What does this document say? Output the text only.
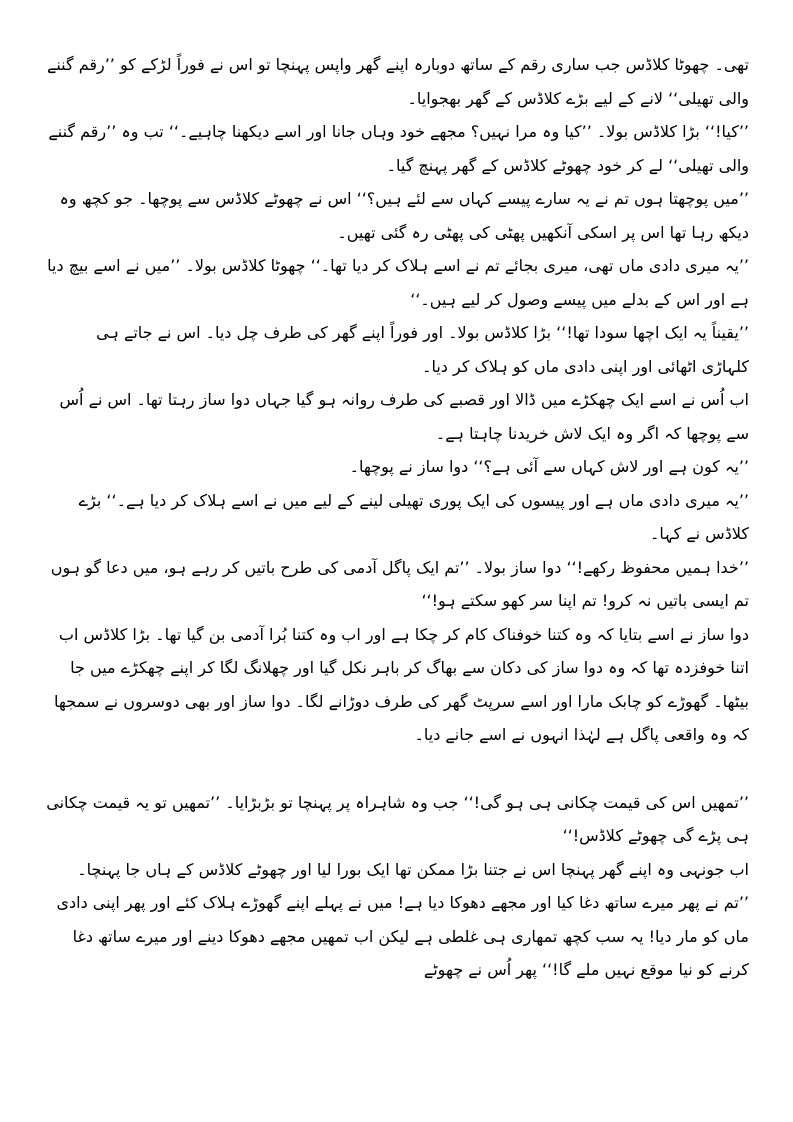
تھی۔ چھوٹا کلاڈس جب ساری رقم کے ساتھ دوبارہ اپنے گھر واپس پہنچا تو اس نے فوراً لڑکے کو ’’رقم گننے والی تھیلی‘‘ لانے کے لیے بڑے کلاڈس کے گھر بھجوایا۔

’’کیا!‘‘ بڑا کلاڈس بولا۔ ’’کیا وہ مرا نہیں؟ مجھے خود وہاں جانا اور اسے دیکھنا چاہیے۔‘‘ تب وہ ’’رقم گننے والی تھیلی‘‘ لے کر خود چھوٹے کلاڈس کے گھر پہنچ گیا۔

’’میں پوچھتا ہوں تم نے یہ سارے پیسے کہاں سے لئے ہیں؟‘‘ اس نے چھوٹے کلاڈس سے پوچھا۔ جو کچھ وہ دیکھ رہا تھا اس پر اسکی آنکھیں پھٹی کی پھٹی رہ گئی تھیں۔

’’یہ میری دادی ماں تھی، میری بجائے تم نے اسے ہلاک کر دیا تھا۔‘‘ چھوٹا کلاڈس بولا۔ ’’میں نے اسے بیچ دیا ہے اور اس کے بدلے میں پیسے وصول کر لیے ہیں۔‘‘

’’یقیناً یہ ایک اچھا سودا تھا!‘‘ بڑا کلاڈس بولا۔ اور فوراً اپنے گھر کی طرف چل دیا۔ اس نے جاتے ہی کلہاڑی اٹھائی اور اپنی دادی ماں کو ہلاک کر دیا۔

اب اُس نے اسے ایک چھکڑے میں ڈالا اور قصبے کی طرف روانہ ہو گیا جہاں دوا ساز رہتا تھا۔ اس نے اُس سے پوچھا کہ اگر وہ ایک لاش خریدنا چاہتا ہے۔

’’یہ کون ہے اور لاش کہاں سے آئی ہے؟‘‘ دوا ساز نے پوچھا۔

’’یہ میری دادی ماں ہے اور پیسوں کی ایک پوری تھیلی لینے کے لیے میں نے اسے ہلاک کر دیا ہے۔‘‘ بڑے کلاڈس نے کہا۔

’’خدا ہمیں محفوظ رکھے!‘‘ دوا ساز بولا۔ ’’تم ایک پاگل آدمی کی طرح باتیں کر رہے ہو، میں دعا گو ہوں تم ایسی باتیں نہ کرو! تم اپنا سر کھو سکتے ہو!‘‘

دوا ساز نے اسے بتایا کہ وہ کتنا خوفناک کام کر چکا ہے اور اب وہ کتنا بُرا آدمی بن گیا تھا۔ بڑا کلاڈس اب اتنا خوفزدہ تھا کہ وہ دوا ساز کی دکان سے بھاگ کر باہر نکل گیا اور چھلانگ لگا کر اپنے چھکڑے میں جا بیٹھا۔ گھوڑے کو چابک مارا اور اسے سرپٹ گھر کی طرف دوڑانے لگا۔ دوا ساز اور بھی دوسروں نے سمجھا کہ وہ واقعی پاگل ہے لہٰذا انہوں نے اسے جانے دیا۔

’’تمھیں اس کی قیمت چکانی ہی ہو گی!‘‘ جب وہ شاہراہ پر پہنچا تو بڑبڑایا۔ ’’تمھیں تو یہ قیمت چکانی ہی پڑے گی چھوٹے کلاڈس!‘‘

اب جونہی وہ اپنے گھر پہنچا اس نے جتنا بڑا ممکن تھا ایک بورا لیا اور چھوٹے کلاڈس کے ہاں جا پہنچا۔

’’تم نے پھر میرے ساتھ دغا کیا اور مجھے دھوکا دیا ہے! میں نے پہلے اپنے گھوڑے ہلاک کئے اور پھر اپنی دادی ماں کو مار دیا! یہ سب کچھ تمھاری ہی غلطی ہے لیکن اب تمھیں مجھے دھوکا دینے اور میرے ساتھ دغا کرنے کو نیا موقع نہیں ملے گا!‘‘ پھر اُس نے چھوٹے
